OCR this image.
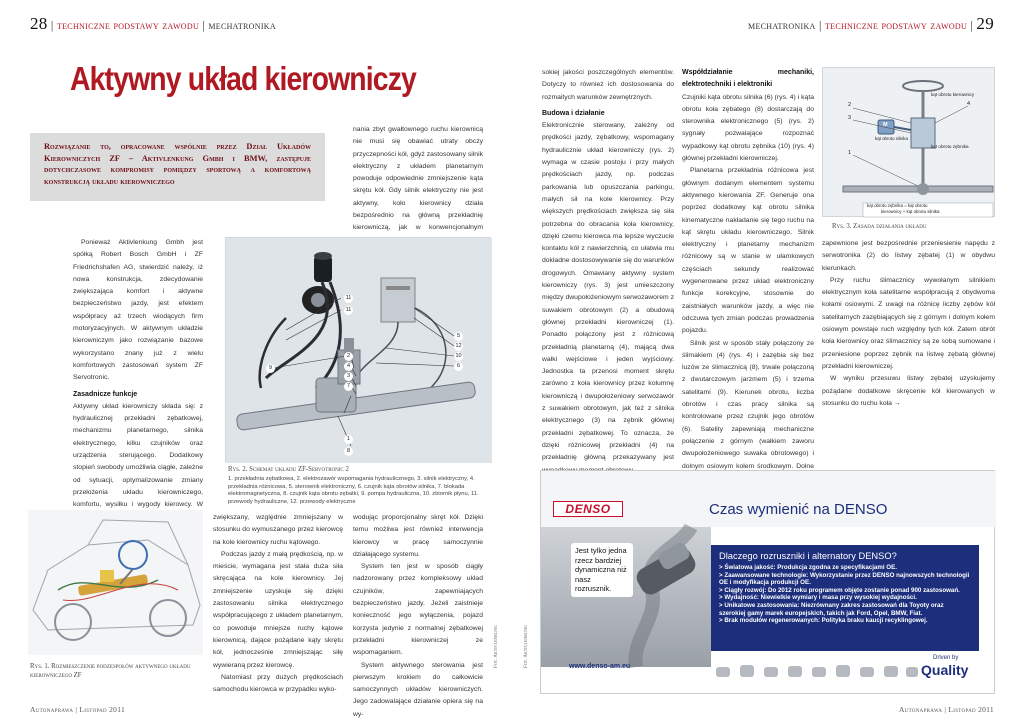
28 | techniczne podstawy zawodu | mechatronika	mechatronika | techniczne podstawy zawodu | 29
Aktywny układ kierowniczy
Rozwiązanie to, opracowane wspólnie przez Dział Układów Kierowniczych ZF – Aktivlenkung Gmbh i BMW, zastępuje dotychczasowe kompromisy pomiędzy sportową a komfortową konstrukcją układu kierowniczego

nania zbyt gwałtownego ruchu kierownicą nie musi się obawiać utraty obczy przyczepności kół, gdyż zastosowany silnik elektryczny z układem planetarnym powoduje odpowiednie zmniejszenie kąta skrętu kół. Gdy silnik elektryczny nie jest aktywny, koło kierownicy działa bezpośrednio na główną przekładnię kierowniczą, jak w konwencjonalnym

Ponieważ Aktivlenkung Gmbh jest spółką Robert Bosch GmbH i ZF Friedrichshafen AG, stwierdzić należy, iż nowa konstrukcja, zdecydowanie zwiększająca komfort i aktywne bezpieczeństwo jazdy, jest efektem współpracy aż trzech wiodących firm motoryzacyjnych. W aktywnym układzie kierowniczym jako rozwiązanie bazowe wykorzystano znany już z wielu komfortowych zastosowań system ZF Servotronic.

Zasadnicze funkcje

Aktywny układ kierowniczy składa się: z hydraulicznej przekładni zębatkowej, mechanizmu planetarnego, silnika elektrycznego, kilku czujników oraz urządzenia sterującego. Dodatkowy stopień swobody umożliwia ciągłe, zależne od sytuacji, optymalizowanie zmiany przełożenia układu kierowniczego, komfortu, wysiłku i wygody kierowcy. W

11
11
5
12
10
9
2
6
4
3
7
1
8
Rys. 2. Schemat układu ZF-Servotronic 2
1. przekładnia zębatkowa, 2. elektrozawór wspomagania hydraulicznego, 3. silnik elektryczny, 4. przekładnia różnicowa, 5. sterownik elektroniczny, 6. czujnik kąta obrotów silnika, 7. blokada elektromagnetyczna, 8. czujnik kąta obrotu zębatki, 9. pompa hydrauliczna, 10. zbiornik płynu, 11. przewody hydrauliczne, 12. przewody elektryczne
Rys. 1. Rozmieszczenie podzespołów aktywnego układu kierowniczego ZF

zwiększany, względnie zmniejszany w stosunku do wymuszanego przez kierowcę na kole kierownicy ruchu kątowego.

Podczas jazdy z małą prędkością, np. w mieście, wymagana jest stała duża siła skręcająca na kole kierownicy. Jej zmniejszenie uzyskuje się dzięki zastosowaniu silnika elektrycznego współpracującego z układem planetarnym, co powoduje mniejsze ruchy kątowe kierownicą, dające pożądane kąty skrętu kół, jednocześnie zmniejszając siłę wywieraną przez kierowcę.

Natomiast przy dużych prędkościach samochodu kierowca w przypadku wyko-

wodując proporcjonalny skręt kół. Dzięki temu możliwa jest również interwencja kierowcy w pracę samoczynnie działającego systemu.

System ten jest w sposób ciągły nadzorowany przez kompleksowy układ czujników, zapewniających bezpieczeństwo jazdy. Jeżeli zaistnieje konieczność jego wyłączenia, pojazd korzysta jedynie z normalnej zębatkowej przekładni kierowniczej ze wspomaganiem.

System aktywnego sterowania jest pierwszym krokiem do całkowicie samoczynnych układów kierowniczych. Jego zadowalające działanie opiera się na wy-

Fot. Aktivlenkung	Fot. Aktivlenkung

sokiej jakości poszczególnych elementów. Dotyczy to również ich dostosowania do rozmaitych warunków zewnętrznych.

Budowa i działanie

Elektronicznie sterowany, zależny od prędkości jazdy, zębatkowy, wspomagany hydraulicznie układ kierowniczy (rys. 2) wymaga w czasie postoju i przy małych prędkościach jazdy, np. podczas parkowania lub opuszczania parkingu, małych sił na kole kierownicy. Przy większych prędkościach zwiększa się siła potrzebna do obracania koła kierownicy, dzięki czemu kierowca ma lepsze wyczucie kontaktu kół z nawierzchnią, co ułatwia mu dokładne dostosowywanie się do warunków drogowych. Omawiany aktywny system kierowniczy (rys. 3) jest umieszczony między dwupołożeniowym serwozaworem z suwakiem obrotowym (2) a obudową głównej przekładni kierowniczej (1). Ponadto połączony jest z różnicową przekładnią planetarną (4), mającą dwa wałki wejściowe i jeden wyjściowy. Jednostka ta przenosi moment skrętu zarówno z koła kierownicy przez kolumnę kierowniczą i dwupołożeniowy serwozawór z suwakiem obrotowym, jak też z silnika elektrycznego (3) na zębnik głównej przekładni zębatkowej. To oznacza, że dzięki różnicowej przekładni (4) na przekładnię główną przekazywany jest

Współdziałanie mechaniki, elektrotechniki i elektroniki

Czujniki kąta obrotu silnika (6) (rys. 4) i kąta obrotu koła zębatego (8) dostarczają do sterownika elektronicznego (5) (rys. 2) sygnały pozwalające rozpoznać wypadkowy kąt obrotu zębnika (10) (rys. 4) głównej przekładni kierowniczej.

Planetarna przekładnia różnicowa jest głównym dodanym elementem systemu aktywnego kierowania ZF. Generuje ona poprzez dodatkowy kąt obrotu silnika kinematyczne nakładanie się tego ruchu na kąt skrętu układu kierowniczego. Silnik elektryczny i planetarny mechanizm różnicowy są w stanie w ułamkowych częściach sekundy realizować wygenerowane przez układ elektroniczny funkcje korekcyjne, stosownie do zaistniałych warunków jazdy, a więc nie odczuwa tych zmian podczas prowadzenia pojazdu.

Silnik jest w sposób stały połączony ze ślimakiem (4) (rys. 4) i zazębia się bez luzów ze ślimacznicą (8), trwale połączoną z dwutarczowym jarzmem (5) i trzema satelitami (9). Kierunek obrotu, liczba obrotów i czas pracy silnika są kontrolowane przez czujnik jego obrotów (6). Satelity zapewniają mechaniczne połączenie z górnym (wałkiem zaworu dwupołożeniowego suwaka obrotowego) i dolnym osiowym kołem środkowym. Dolne

kąt obrotu kierownicy
2	4
3
M
kąt obrotu silnika
kąt obrotu zębnika
1
kąt obrotu zębnika = kąt obrotu
kierownicy + kąt obrotu silnika
Rys. 3. Zasada działania układu

zapewnione jest bezpośrednie przeniesienie napędu z serwotronika (2) do listwy zębatej (1) w obydwu kierunkach.

Przy ruchu ślimacznicy wywołanym silnikiem elektrycznym koła satelitarne współpracują z obydwoma kołami osiowymi. Z uwagi na różnicę liczby zębów kół satelitarnych zazębiających się z górnym i dolnym kołem osiowym powstaje ruch względny tych kół. Zatem obrót koła kierownicy oraz ślimacznicy są ze sobą sumowane i przeniesione poprzez zębnik na listwę zębatą głównej przekładni kierowniczej.

W wyniku przesuwu listwy zębatej uzyskujemy pożądane dodatkowe skręcenie kół kierowanych w stosunku do ruchu koła →

DENSO	Czas wymienić na DENSO
Jest tylko jedna rzecz bardziej dynamiczna niż nasz rozrusznik.
Dlaczego rozruszniki i alternatory DENSO?
> Światowa jakość: Produkcja zgodna ze specyfikacjami OE.
> Zaawansowane technologie: Wykorzystanie przez DENSO najnowszych technologii OE i modyfikacja produkcji OE.
> Ciągły rozwój: Do 2012 roku programem objęte zostanie ponad 900 zastosowań.
> Wydajność: Niewielkie wymiary i masa przy wysokiej wydajności.
> Unikatowe zastosowania: Niezrównany zakres zastosowań dla Toyoty oraz szerokiej gamy marek europejskich, takich jak Ford, Opel, BMW, Fiat.
> Brak modułów regenerowanych: Polityka braku kaucji recyklingowej.
www.denso-am.eu
Driven by
Quality
Autonaprawa | Listopad 2011	Autonaprawa | Listopad 2011
